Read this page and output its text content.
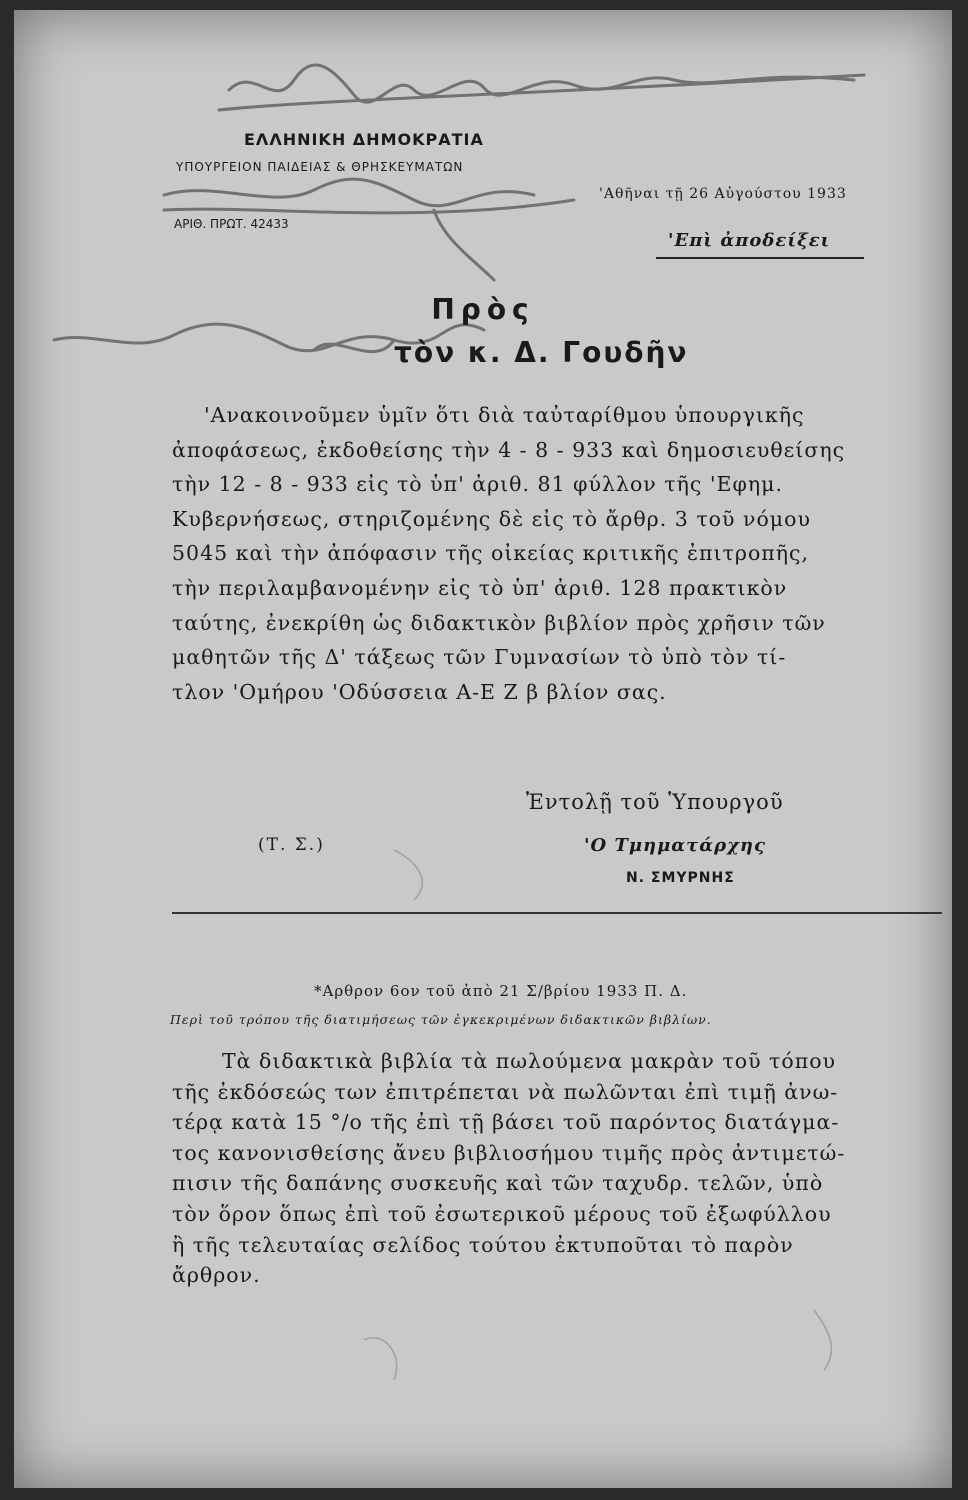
ΕΛΛΗΝΙΚΗ ΔΗΜΟΚΡΑΤΙΑ
ΥΠΟΥΡΓΕΙΟΝ ΠΑΙΔΕΙΑΣ & ΘΡΗΣΚΕΥΜΑΤΩΝ
ΑΡΙΘ. ΠΡΩΤ. 42433
'Αθῆναι τῇ 26 Αὐγούστου 1933
'Επὶ ἀποδείξει
Πρὸς
τὸν κ. Δ. Γουδῆν
'Ανακοινοῦμεν ὑμῖν ὅτι διὰ ταὐταρίθμου ὑπουργικῆς
ἀποφάσεως, ἐκδοθείσης τὴν 4 - 8 - 933 καὶ δημοσιευθείσης
τὴν 12 - 8 - 933 εἰς τὸ ὑπ' ἀριθ. 81 φύλλον τῆς 'Εφημ.
Κυβερνήσεως, στηριζομένης δὲ εἰς τὸ ἄρθρ. 3 τοῦ νόμου
5045 καὶ τὴν ἀπόφασιν τῆς οἰκείας κριτικῆς ἐπιτροπῆς,
τὴν περιλαμβανομένην εἰς τὸ ὑπ' ἀριθ. 128 πρακτικὸν
ταύτης, ἐνεκρίθη ὡς διδακτικὸν βιβλίον πρὸς χρῆσιν τῶν
μαθητῶν τῆς Δ' τάξεως τῶν Γυμνασίων τὸ ὑπὸ τὸν τί-
τλον 'Ομήρου 'Οδύσσεια Α-Ε Ζ β βλίον σας.
Ἐντολῇ τοῦ Ὑπουργοῦ
(Τ. Σ.)	'Ο Τμηματάρχης
Ν. ΣΜΥΡΝΗΣ
*Αρθρον 6ον τοῦ ἀπὸ 21 Σ/βρίου 1933 Π. Δ.
Περὶ τοῦ τρόπου τῆς διατιμήσεως τῶν ἐγκεκριμένων διδακτικῶν βιβλίων.
Τὰ διδακτικὰ βιβλία τὰ πωλούμενα μακρὰν τοῦ τόπου
τῆς ἐκδόσεώς των ἐπιτρέπεται νὰ πωλῶνται ἐπὶ τιμῇ ἀνω-
τέρᾳ κατὰ 15 °/ο τῆς ἐπὶ τῇ βάσει τοῦ παρόντος διατάγμα-
τος κανονισθείσης ἄνευ βιβλιοσήμου τιμῆς πρὸς ἀντιμετώ-
πισιν τῆς δαπάνης συσκευῆς καὶ τῶν ταχυδρ. τελῶν, ὑπὸ
τὸν ὅρον ὅπως ἐπὶ τοῦ ἐσωτερικοῦ μέρους τοῦ ἐξωφύλλου
ἢ τῆς τελευταίας σελίδος τούτου ἐκτυποῦται τὸ παρὸν
ἄρθρον.
